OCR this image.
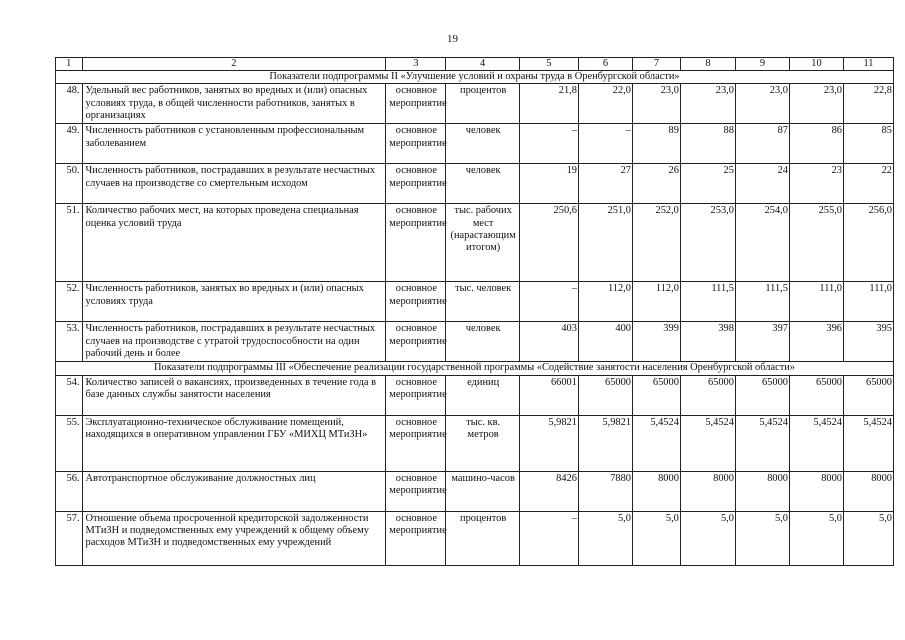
19
1	2	3	4	5	6	7	8	9	10	11
Показатели подпрограммы II «Улучшение условий и охраны труда в Оренбургской области»										
48.	Удельный вес работников, занятых во вредных и (или) опасных условиях труда, в общей численности работников, занятых в организациях	основное мероприятие	процентов	21,8	22,0	23,0	23,0	23,0	23,0	22,8
49.	Численность работников с установленным профессиональным заболеванием	основное мероприятие	человек	–	–	89	88	87	86	85
50.	Численность работников, пострадавших в результате несчастных случаев на производстве со смертельным исходом	основное мероприятие	человек	19	27	26	25	24	23	22
51.	Количество рабочих мест, на которых проведена специальная оценка условий труда	основное мероприятие	тыс. рабочих мест (нарастающим итогом)	250,6	251,0	252,0	253,0	254,0	255,0	256,0
52.	Численность работников, занятых во вредных и (или) опасных условиях труда	основное мероприятие	тыс. человек	–	112,0	112,0	111,5	111,5	111,0	111,0
53.	Численность работников, пострадавших в результате несчастных случаев на производстве с утратой трудоспособности на один рабочий день и более	основное мероприятие	человек	403	400	399	398	397	396	395
Показатели подпрограммы III «Обеспечение реализации государственной программы «Содействие занятости населения Оренбургской области»										
54.	Количество записей о вакансиях, произведенных в течение года в базе данных службы занятости населения	основное мероприятие	единиц	66001	65000	65000	65000	65000	65000	65000
55.	Эксплуатационно-техническое обслуживание помещений, находящихся в оперативном управлении ГБУ «МИХЦ МТиЗН»	основное мероприятие	тыс. кв. метров	5,9821	5,9821	5,4524	5,4524	5,4524	5,4524	5,4524
56.	Автотранспортное обслуживание должностных лиц	основное мероприятие	машино-часов	8426	7880	8000	8000	8000	8000	8000
57.	Отношение объема просроченной кредиторской задолженности МТиЗН и подведомственных ему учреждений к общему объему расходов МТиЗН и подведомственных ему учреждений	основное мероприятие	процентов	–	5,0	5,0	5,0	5,0	5,0	5,0
